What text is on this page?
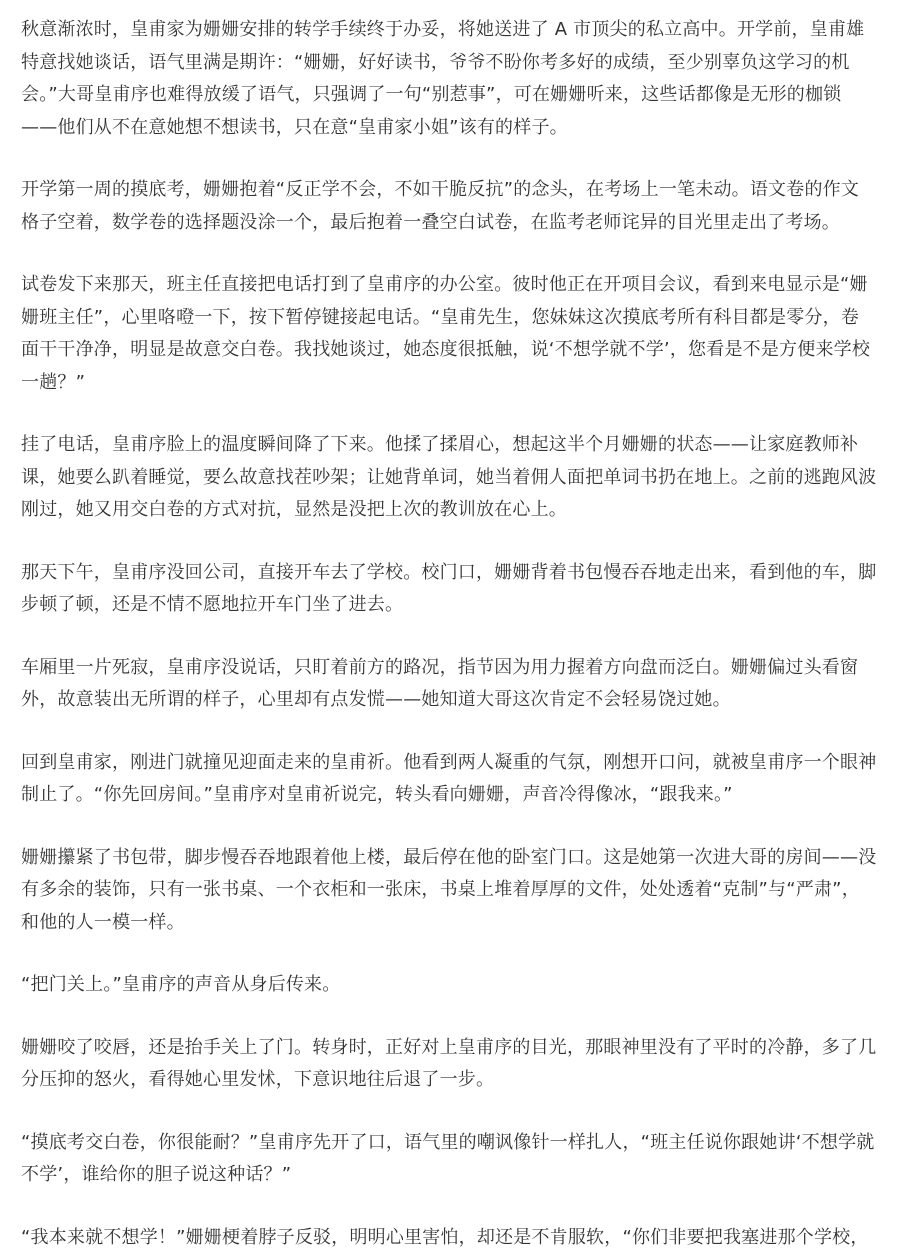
秋意渐浓时，皇甫家为姗姗安排的转学手续终于办妥，将她送进了 A 市顶尖的私立高中。开学前，皇甫雄特意找她谈话，语气里满是期许：“姗姗，好好读书，爷爷不盼你考多好的成绩，至少别辜负这学习的机会。”大哥皇甫序也难得放缓了语气，只强调了一句“别惹事”，可在姗姗听来，这些话都像是无形的枷锁——他们从不在意她想不想读书，只在意“皇甫家小姐”该有的样子。

开学第一周的摸底考，姗姗抱着“反正学不会，不如干脆反抗”的念头，在考场上一笔未动。语文卷的作文格子空着，数学卷的选择题没涂一个，最后抱着一叠空白试卷，在监考老师诧异的目光里走出了考场。

试卷发下来那天，班主任直接把电话打到了皇甫序的办公室。彼时他正在开项目会议，看到来电显示是“姗姗班主任”，心里咯噔一下，按下暂停键接起电话。“皇甫先生，您妹妹这次摸底考所有科目都是零分，卷面干干净净，明显是故意交白卷。我找她谈过，她态度很抵触，说‘不想学就不学’，您看是不是方便来学校一趟？”

挂了电话，皇甫序脸上的温度瞬间降了下来。他揉了揉眉心，想起这半个月姗姗的状态——让家庭教师补课，她要么趴着睡觉，要么故意找茬吵架；让她背单词，她当着佣人面把单词书扔在地上。之前的逃跑风波刚过，她又用交白卷的方式对抗，显然是没把上次的教训放在心上。

那天下午，皇甫序没回公司，直接开车去了学校。校门口，姗姗背着书包慢吞吞地走出来，看到他的车，脚步顿了顿，还是不情不愿地拉开车门坐了进去。

车厢里一片死寂，皇甫序没说话，只盯着前方的路况，指节因为用力握着方向盘而泛白。姗姗偏过头看窗外，故意装出无所谓的样子，心里却有点发慌——她知道大哥这次肯定不会轻易饶过她。

回到皇甫家，刚进门就撞见迎面走来的皇甫祈。他看到两人凝重的气氛，刚想开口问，就被皇甫序一个眼神制止了。“你先回房间。”皇甫序对皇甫祈说完，转头看向姗姗，声音冷得像冰，“跟我来。”

姗姗攥紧了书包带，脚步慢吞吞地跟着他上楼，最后停在他的卧室门口。这是她第一次进大哥的房间——没有多余的装饰，只有一张书桌、一个衣柜和一张床，书桌上堆着厚厚的文件，处处透着“克制”与“严肃”，和他的人一模一样。

“把门关上。”皇甫序的声音从身后传来。

姗姗咬了咬唇，还是抬手关上了门。转身时，正好对上皇甫序的目光，那眼神里没有了平时的冷静，多了几分压抑的怒火，看得她心里发怵，下意识地往后退了一步。

“摸底考交白卷，你很能耐？”皇甫序先开了口，语气里的嘲讽像针一样扎人，“班主任说你跟她讲‘不想学就不学’，谁给你的胆子说这种话？”

“我本来就不想学！”姗姗梗着脖子反驳，明明心里害怕，却还是不肯服软，“你们非要把我塞进那个学校，
